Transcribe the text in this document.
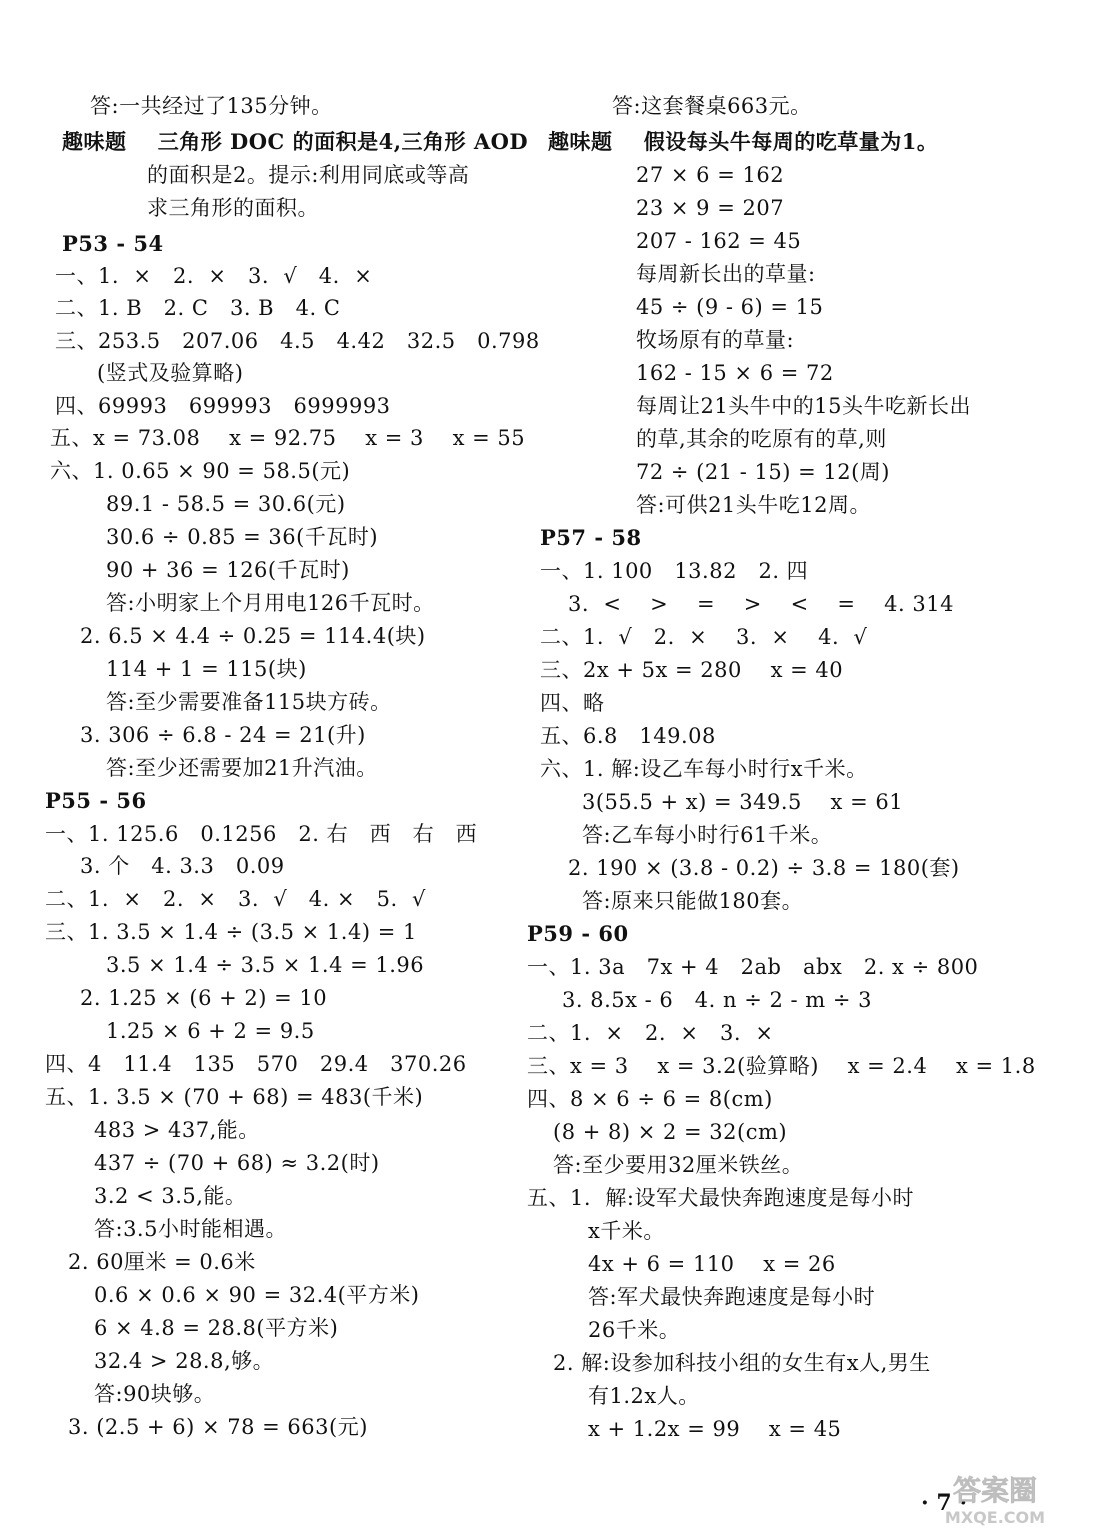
答:一共经过了135分钟。
趣味题    三角形 DOC 的面积是4,三角形 AOD
的面积是2。提示:利用同底或等高
求三角形的面积。
P53 - 54
一、1.  ×   2.  ×   3.  √   4.  ×
二、1. B   2. C   3. B   4. C
三、253.5   207.06   4.5   4.42   32.5   0.798
(竖式及验算略)
四、69993   699993   6999993
五、x = 73.08    x = 92.75    x = 3    x = 55
六、1. 0.65 × 90 = 58.5(元)
89.1 - 58.5 = 30.6(元)
30.6 ÷ 0.85 = 36(千瓦时)
90 + 36 = 126(千瓦时)
答:小明家上个月用电126千瓦时。
2. 6.5 × 4.4 ÷ 0.25 = 114.4(块)
114 + 1 = 115(块)
答:至少需要准备115块方砖。
3. 306 ÷ 6.8 - 24 = 21(升)
答:至少还需要加21升汽油。
P55 - 56
一、1. 125.6   0.1256   2. 右   西   右   西
3. 个   4. 3.3   0.09
二、1.  ×   2.  ×   3.  √   4. ×   5.  √
三、1. 3.5 × 1.4 ÷ (3.5 × 1.4) = 1
3.5 × 1.4 ÷ 3.5 × 1.4 = 1.96
2. 1.25 × (6 + 2) = 10
1.25 × 6 + 2 = 9.5
四、4   11.4   135   570   29.4   370.26
五、1. 3.5 × (70 + 68) = 483(千米)
483 > 437,能。
437 ÷ (70 + 68) ≈ 3.2(时)
3.2 < 3.5,能。
答:3.5小时能相遇。
2. 60厘米 = 0.6米
0.6 × 0.6 × 90 = 32.4(平方米)
6 × 4.8 = 28.8(平方米)
32.4 > 28.8,够。
答:90块够。
3. (2.5 + 6) × 78 = 663(元)
答:这套餐桌663元。
趣味题    假设每头牛每周的吃草量为1。
27 × 6 = 162
23 × 9 = 207
207 - 162 = 45
每周新长出的草量:
45 ÷ (9 - 6) = 15
牧场原有的草量:
162 - 15 × 6 = 72
每周让21头牛中的15头牛吃新长出
的草,其余的吃原有的草,则
72 ÷ (21 - 15) = 12(周)
答:可供21头牛吃12周。
P57 - 58
一、1. 100   13.82   2. 四
3.  <    >    =    >    <    =    4. 314
二、1.  √   2.  ×    3.  ×    4.  √
三、2x + 5x = 280    x = 40
四、略
五、6.8   149.08
六、1. 解:设乙车每小时行x千米。
3(55.5 + x) = 349.5    x = 61
答:乙车每小时行61千米。
2. 190 × (3.8 - 0.2) ÷ 3.8 = 180(套)
答:原来只能做180套。
P59 - 60
一、1. 3a   7x + 4   2ab   abx   2. x ÷ 800
3. 8.5x - 6   4. n ÷ 2 - m ÷ 3
二、1.  ×   2.  ×   3.  ×
三、x = 3    x = 3.2(验算略)    x = 2.4    x = 1.8
四、8 × 6 ÷ 6 = 8(cm)
(8 + 8) × 2 = 32(cm)
答:至少要用32厘米铁丝。
五、1.  解:设军犬最快奔跑速度是每小时
x千米。
4x + 6 = 110    x = 26
答:军犬最快奔跑速度是每小时
26千米。
2. 解:设参加科技小组的女生有x人,男生
有1.2x人。
x + 1.2x = 99    x = 45
· 7 ·
答案圈
MXQE.COM
